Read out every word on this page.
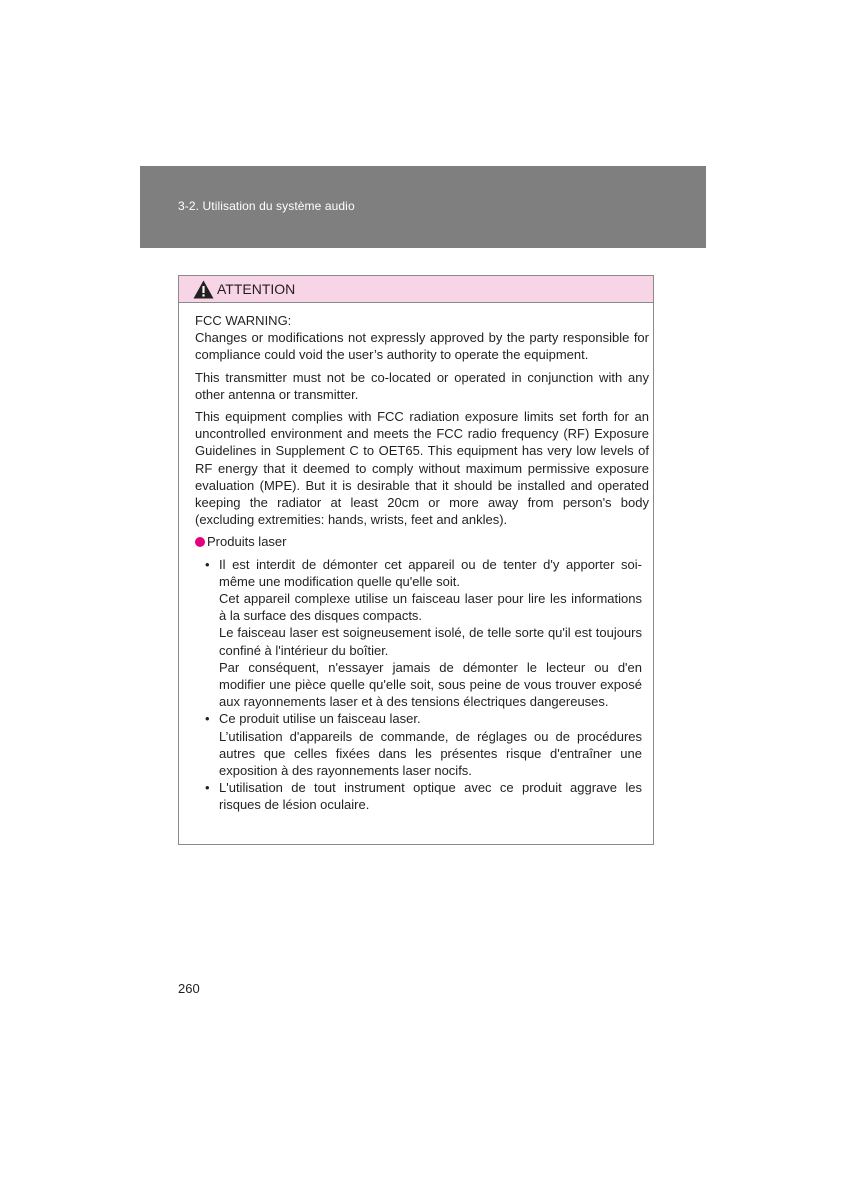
3-2. Utilisation du système audio
ATTENTION
FCC WARNING:
Changes or modifications not expressly approved by the party responsible for compliance could void the user’s authority to operate the equipment.
This transmitter must not be co-located or operated in conjunction with any other antenna or transmitter.
This equipment complies with FCC radiation exposure limits set forth for an uncontrolled environment and meets the FCC radio frequency (RF) Exposure Guidelines in Supplement C to OET65. This equipment has very low levels of RF energy that it deemed to comply without maximum permissive exposure evaluation (MPE). But it is desirable that it should be installed and operated keeping the radiator at least 20cm or more away from person's body (excluding extremities: hands, wrists, feet and ankles).
Produits laser
• Il est interdit de démonter cet appareil ou de tenter d'y apporter soi-même une modification quelle qu'elle soit.
Cet appareil complexe utilise un faisceau laser pour lire les informations à la surface des disques compacts.
Le faisceau laser est soigneusement isolé, de telle sorte qu'il est toujours confiné à l'intérieur du boîtier.
Par conséquent, n'essayer jamais de démonter le lecteur ou d'en modifier une pièce quelle qu'elle soit, sous peine de vous trouver exposé aux rayonnements laser et à des tensions électriques dangereuses.
• Ce produit utilise un faisceau laser.
L’utilisation d'appareils de commande, de réglages ou de procédures autres que celles fixées dans les présentes risque d'entraîner une exposition à des rayonnements laser nocifs.
• L'utilisation de tout instrument optique avec ce produit aggrave les risques de lésion oculaire.
260
